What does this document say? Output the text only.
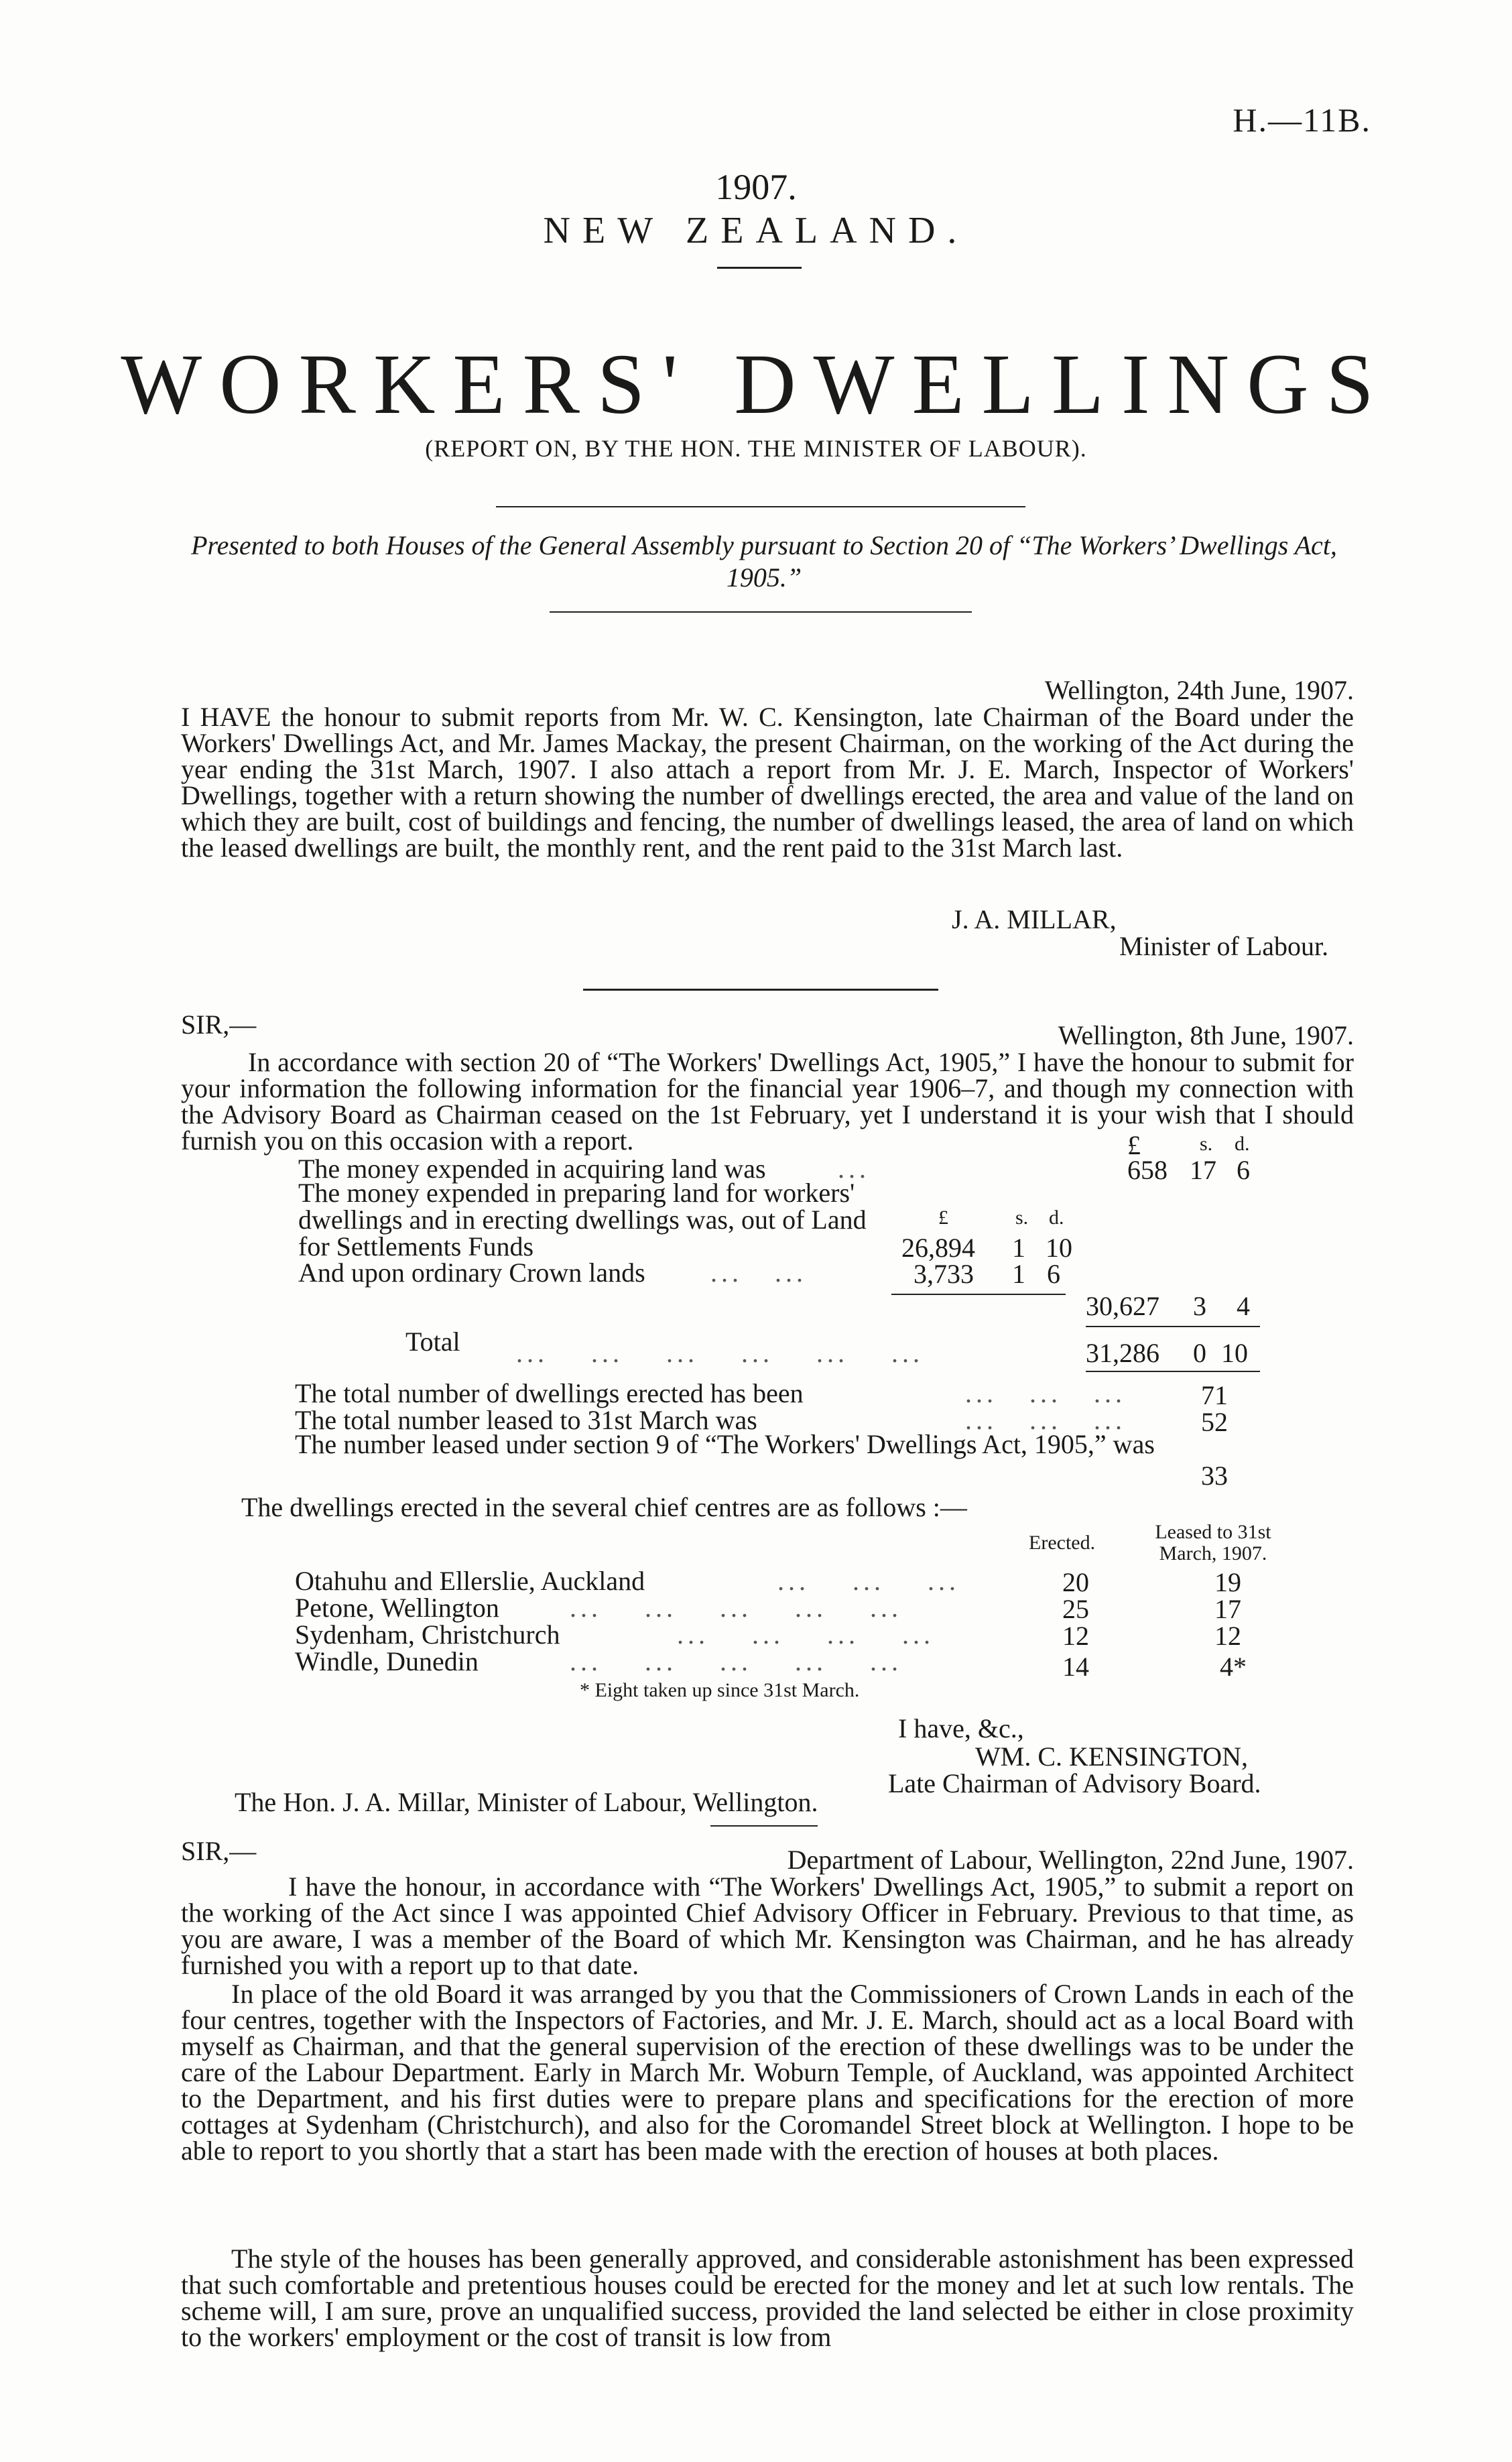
H.—11B.
1907.
NEW ZEALAND.
WORKERS' DWELLINGS
(REPORT ON, BY THE HON. THE MINISTER OF LABOUR).
Presented to both Houses of the General Assembly pursuant to Section 20 of “The Workers’ Dwellings Act, 1905.”
Wellington, 24th June, 1907.
I HAVE the honour to submit reports from Mr. W. C. Kensington, late Chairman of the Board under the Workers' Dwellings Act, and Mr. James Mackay, the present Chairman, on the working of the Act during the year ending the 31st March, 1907. I also attach a report from Mr. J. E. March, Inspector of Workers' Dwellings, together with a return showing the number of dwellings erected, the area and value of the land on which they are built, cost of buildings and fencing, the number of dwellings leased, the area of land on which the leased dwellings are built, the monthly rent, and the rent paid to the 31st March last.
J. A. MILLAR,
Minister of Labour.
SIR,—	Wellington, 8th June, 1907.
In accordance with section 20 of “The Workers' Dwellings Act, 1905,” I have the honour to submit for your information the following information for the financial year 1906–7, and though my connection with the Advisory Board as Chairman ceased on the 1st February, yet I understand it is your wish that I should furnish you on this occasion with a report.	£	s. d.
The money expended in acquiring land was	...	658 17 6
The money expended in preparing land for workers' dwellings and in erecting dwellings was, out of Land for Settlements Funds
£	s. d.
26,894 1 10
And upon ordinary Crown lands ...   ...	3,733 1 6
30,627 3 4
Total ...    ...    ...    ...    ...    ...	31,286 0 10
The total number of dwellings erected has been	...   ...   ...	71
The total number leased to 31st March was	...   ...   ...	52
The number leased under section 9 of “The Workers' Dwellings Act, 1905,” was
33
The dwellings erected in the several chief centres are as follows :—
Erected.	Leased to 31st March, 1907.
Otahuhu and Ellerslie, Auckland	...    ...    ...	20	19
Petone, Wellington	...    ...    ...    ...    ...	25	17
Sydenham, Christchurch	...    ...    ...    ...	12	12
Windle, Dunedin	...    ...    ...    ...    ...	14	4*
* Eight taken up since 31st March.
I have, &c.,
WM. C. KENSINGTON,
Late Chairman of Advisory Board.
The Hon. J. A. Millar, Minister of Labour, Wellington.
SIR,—	Department of Labour, Wellington, 22nd June, 1907.
I have the honour, in accordance with “The Workers' Dwellings Act, 1905,” to submit a report on the working of the Act since I was appointed Chief Advisory Officer in February. Previous to that time, as you are aware, I was a member of the Board of which Mr. Kensington was Chairman, and he has already furnished you with a report up to that date.
In place of the old Board it was arranged by you that the Commissioners of Crown Lands in each of the four centres, together with the Inspectors of Factories, and Mr. J. E. March, should act as a local Board with myself as Chairman, and that the general supervision of the erection of these dwellings was to be under the care of the Labour Department. Early in March Mr. Woburn Temple, of Auckland, was appointed Architect to the Department, and his first duties were to prepare plans and specifications for the erection of more cottages at Sydenham (Christchurch), and also for the Coromandel Street block at Wellington. I hope to be able to report to you shortly that a start has been made with the erection of houses at both places.
The style of the houses has been generally approved, and considerable astonishment has been expressed that such comfortable and pretentious houses could be erected for the money and let at such low rentals. The scheme will, I am sure, prove an unqualified success, provided the land selected be either in close proximity to the workers' employment or the cost of transit is low from
